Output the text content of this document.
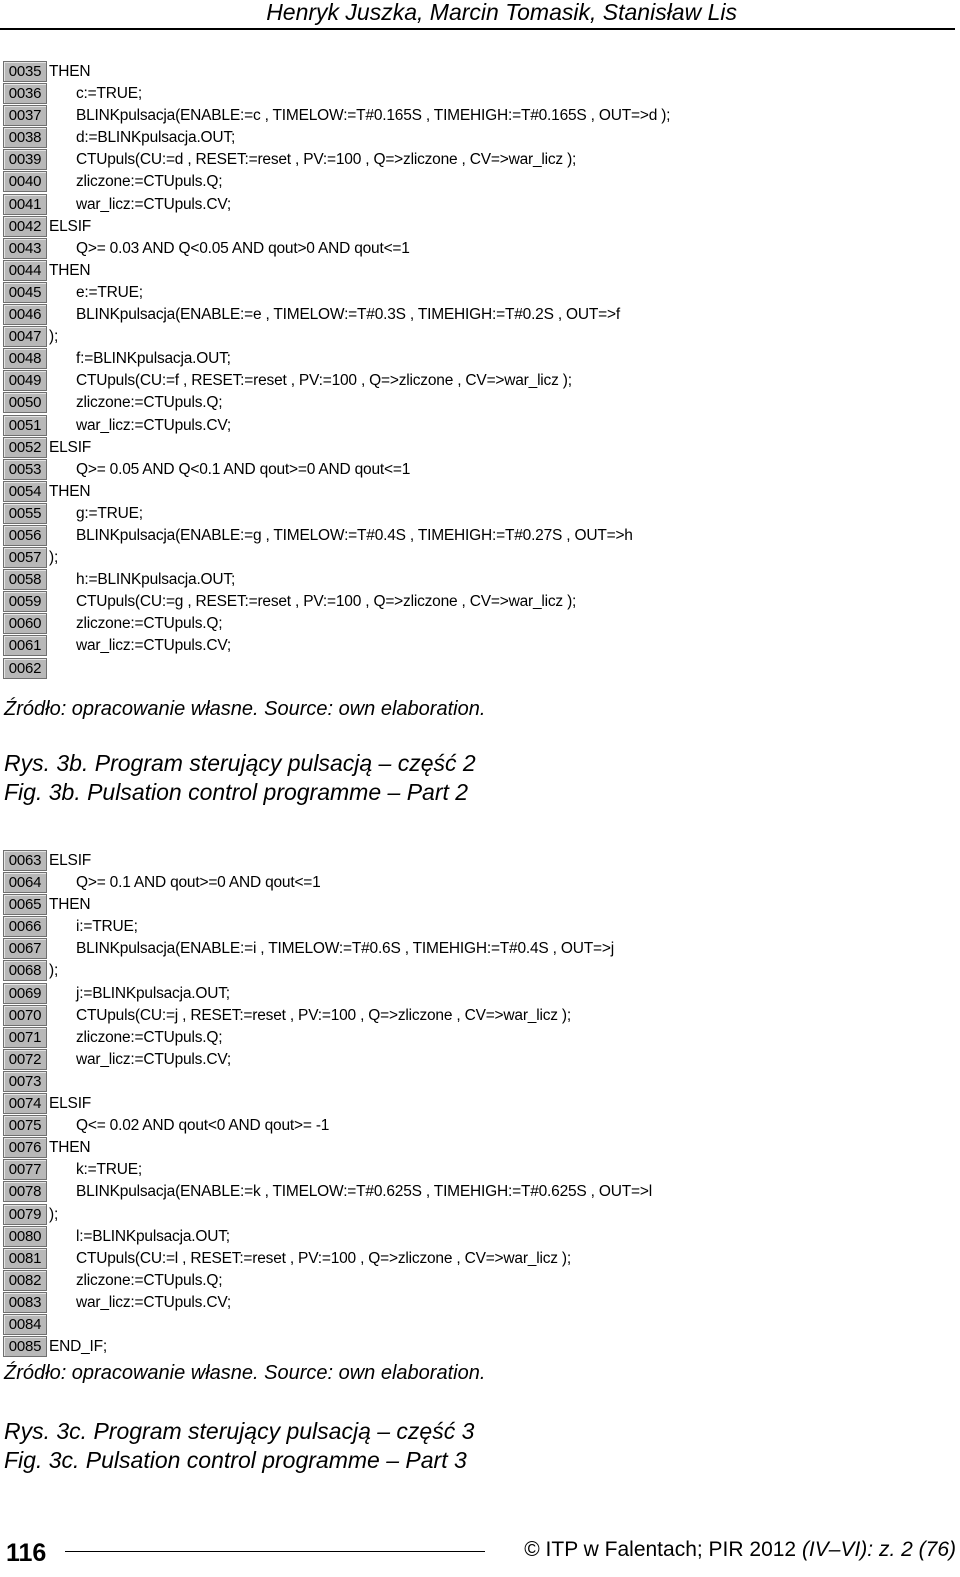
Henryk Juszka, Marcin Tomasik, Stanisław Lis
0035 THEN
0036	c:=TRUE;
0037	BLINKpulsacja(ENABLE:=c , TIMELOW:=T#0.165S , TIMEHIGH:=T#0.165S , OUT=>d );
0038	d:=BLINKpulsacja.OUT;
0039	CTUpuls(CU:=d , RESET:=reset , PV:=100 , Q=>zliczone , CV=>war_licz );
0040	zliczone:=CTUpuls.Q;
0041	war_licz:=CTUpuls.CV;
0042 ELSIF
0043	Q>= 0.03 AND Q<0.05 AND qout>0 AND qout<=1
0044 THEN
0045	e:=TRUE;
0046	BLINKpulsacja(ENABLE:=e , TIMELOW:=T#0.3S , TIMEHIGH:=T#0.2S , OUT=>f
0047 );
0048	f:=BLINKpulsacja.OUT;
0049	CTUpuls(CU:=f , RESET:=reset , PV:=100 , Q=>zliczone , CV=>war_licz );
0050	zliczone:=CTUpuls.Q;
0051	war_licz:=CTUpuls.CV;
0052 ELSIF
0053	Q>= 0.05 AND Q<0.1 AND qout>=0 AND qout<=1
0054 THEN
0055	g:=TRUE;
0056	BLINKpulsacja(ENABLE:=g , TIMELOW:=T#0.4S , TIMEHIGH:=T#0.27S , OUT=>h
0057 );
0058	h:=BLINKpulsacja.OUT;
0059	CTUpuls(CU:=g , RESET:=reset , PV:=100 , Q=>zliczone , CV=>war_licz );
0060	zliczone:=CTUpuls.Q;
0061	war_licz:=CTUpuls.CV;
0062
Źródło: opracowanie własne. Source: own elaboration.
Rys. 3b. Program sterujący pulsacją – część 2
Fig. 3b. Pulsation control programme – Part 2
0063 ELSIF
0064	Q>= 0.1 AND qout>=0 AND qout<=1
0065 THEN
0066	i:=TRUE;
0067	BLINKpulsacja(ENABLE:=i , TIMELOW:=T#0.6S , TIMEHIGH:=T#0.4S , OUT=>j
0068 );
0069	j:=BLINKpulsacja.OUT;
0070	CTUpuls(CU:=j , RESET:=reset , PV:=100 , Q=>zliczone , CV=>war_licz );
0071	zliczone:=CTUpuls.Q;
0072	war_licz:=CTUpuls.CV;
0073
0074 ELSIF
0075	Q<= 0.02 AND qout<0 AND qout>= -1
0076 THEN
0077	k:=TRUE;
0078	BLINKpulsacja(ENABLE:=k , TIMELOW:=T#0.625S , TIMEHIGH:=T#0.625S , OUT=>l
0079 );
0080	l:=BLINKpulsacja.OUT;
0081	CTUpuls(CU:=l , RESET:=reset , PV:=100 , Q=>zliczone , CV=>war_licz );
0082	zliczone:=CTUpuls.Q;
0083	war_licz:=CTUpuls.CV;
0084
0085 END_IF;
Źródło: opracowanie własne. Source: own elaboration.
Rys. 3c. Program sterujący pulsacją – część 3
Fig. 3c. Pulsation control programme – Part 3
116	© ITP w Falentach; PIR 2012 (IV–VI): z. 2 (76)
